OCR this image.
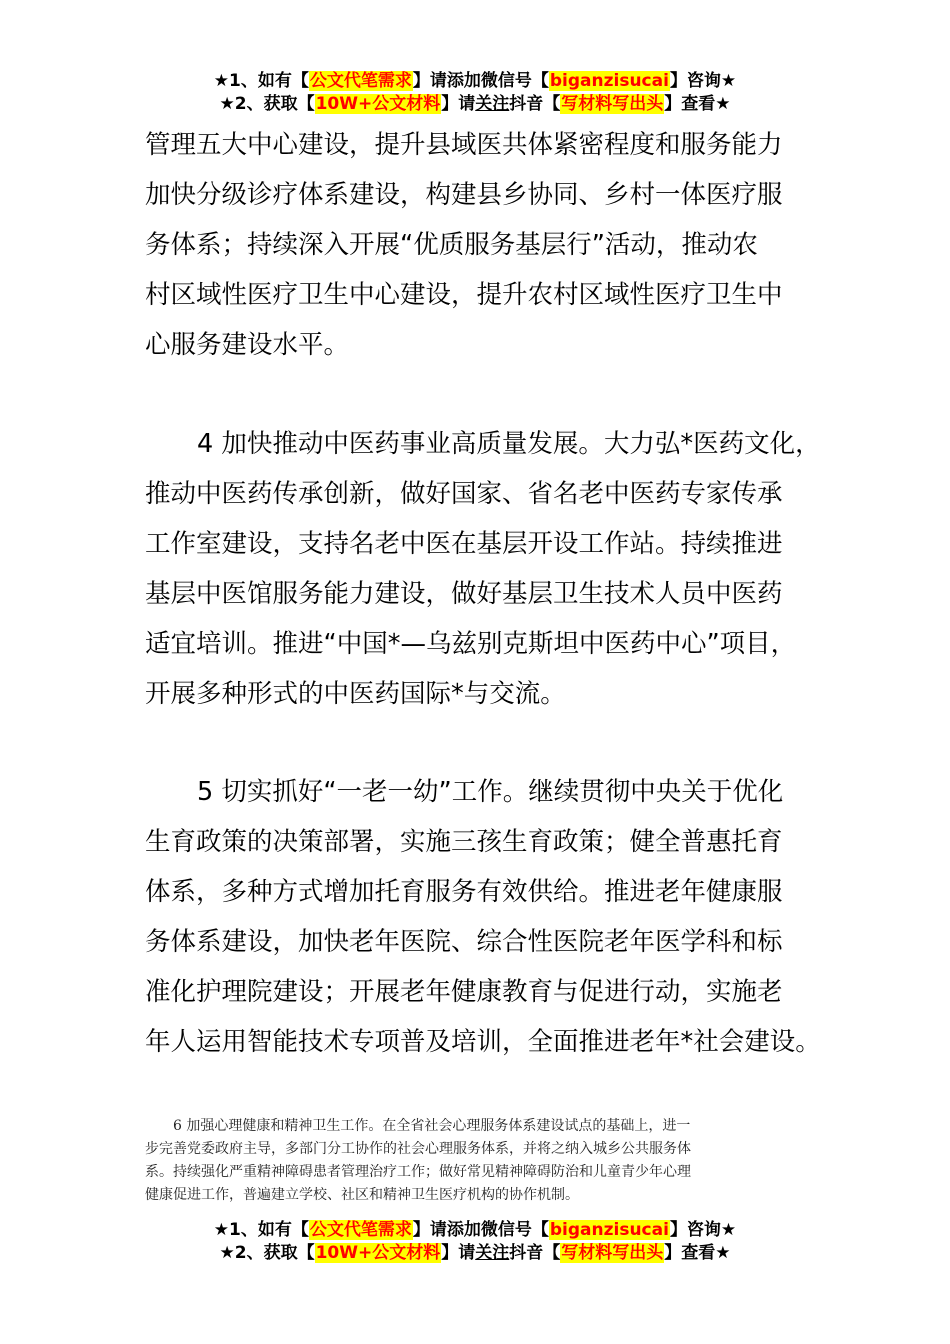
★1、如有【公文代笔需求】请添加微信号【biganzisucai】咨询★
★2、获取【10W+公文材料】请关注抖音【写材料写出头】查看★
管理五大中心建设，提升县域医共体紧密程度和服务能力
加快分级诊疗体系建设，构建县乡协同、乡村一体医疗服
务体系；持续深入开展“优质服务基层行”活动，推动农
村区域性医疗卫生中心建设，提升农村区域性医疗卫生中
心服务建设水平。
4 加快推动中医药事业高质量发展。大力弘*医药文化，
推动中医药传承创新，做好国家、省名老中医药专家传承
工作室建设，支持名老中医在基层开设工作站。持续推进
基层中医馆服务能力建设，做好基层卫生技术人员中医药
适宜培训。推进“中国*—乌兹别克斯坦中医药中心”项目，
开展多种形式的中医药国际*与交流。
5 切实抓好“一老一幼”工作。继续贯彻中央关于优化
生育政策的决策部署，实施三孩生育政策；健全普惠托育
体系，多种方式增加托育服务有效供给。推进老年健康服
务体系建设，加快老年医院、综合性医院老年医学科和标
准化护理院建设；开展老年健康教育与促进行动，实施老
年人运用智能技术专项普及培训，全面推进老年*社会建设。
6 加强心理健康和精神卫生工作。在全省社会心理服务体系建设试点的基础上，进一
步完善党委政府主导，多部门分工协作的社会心理服务体系，并将之纳入城乡公共服务体
系。持续强化严重精神障碍患者管理治疗工作；做好常见精神障碍防治和儿童青少年心理
健康促进工作，普遍建立学校、社区和精神卫生医疗机构的协作机制。
★1、如有【公文代笔需求】请添加微信号【biganzisucai】咨询★
★2、获取【10W+公文材料】请关注抖音【写材料写出头】查看★
